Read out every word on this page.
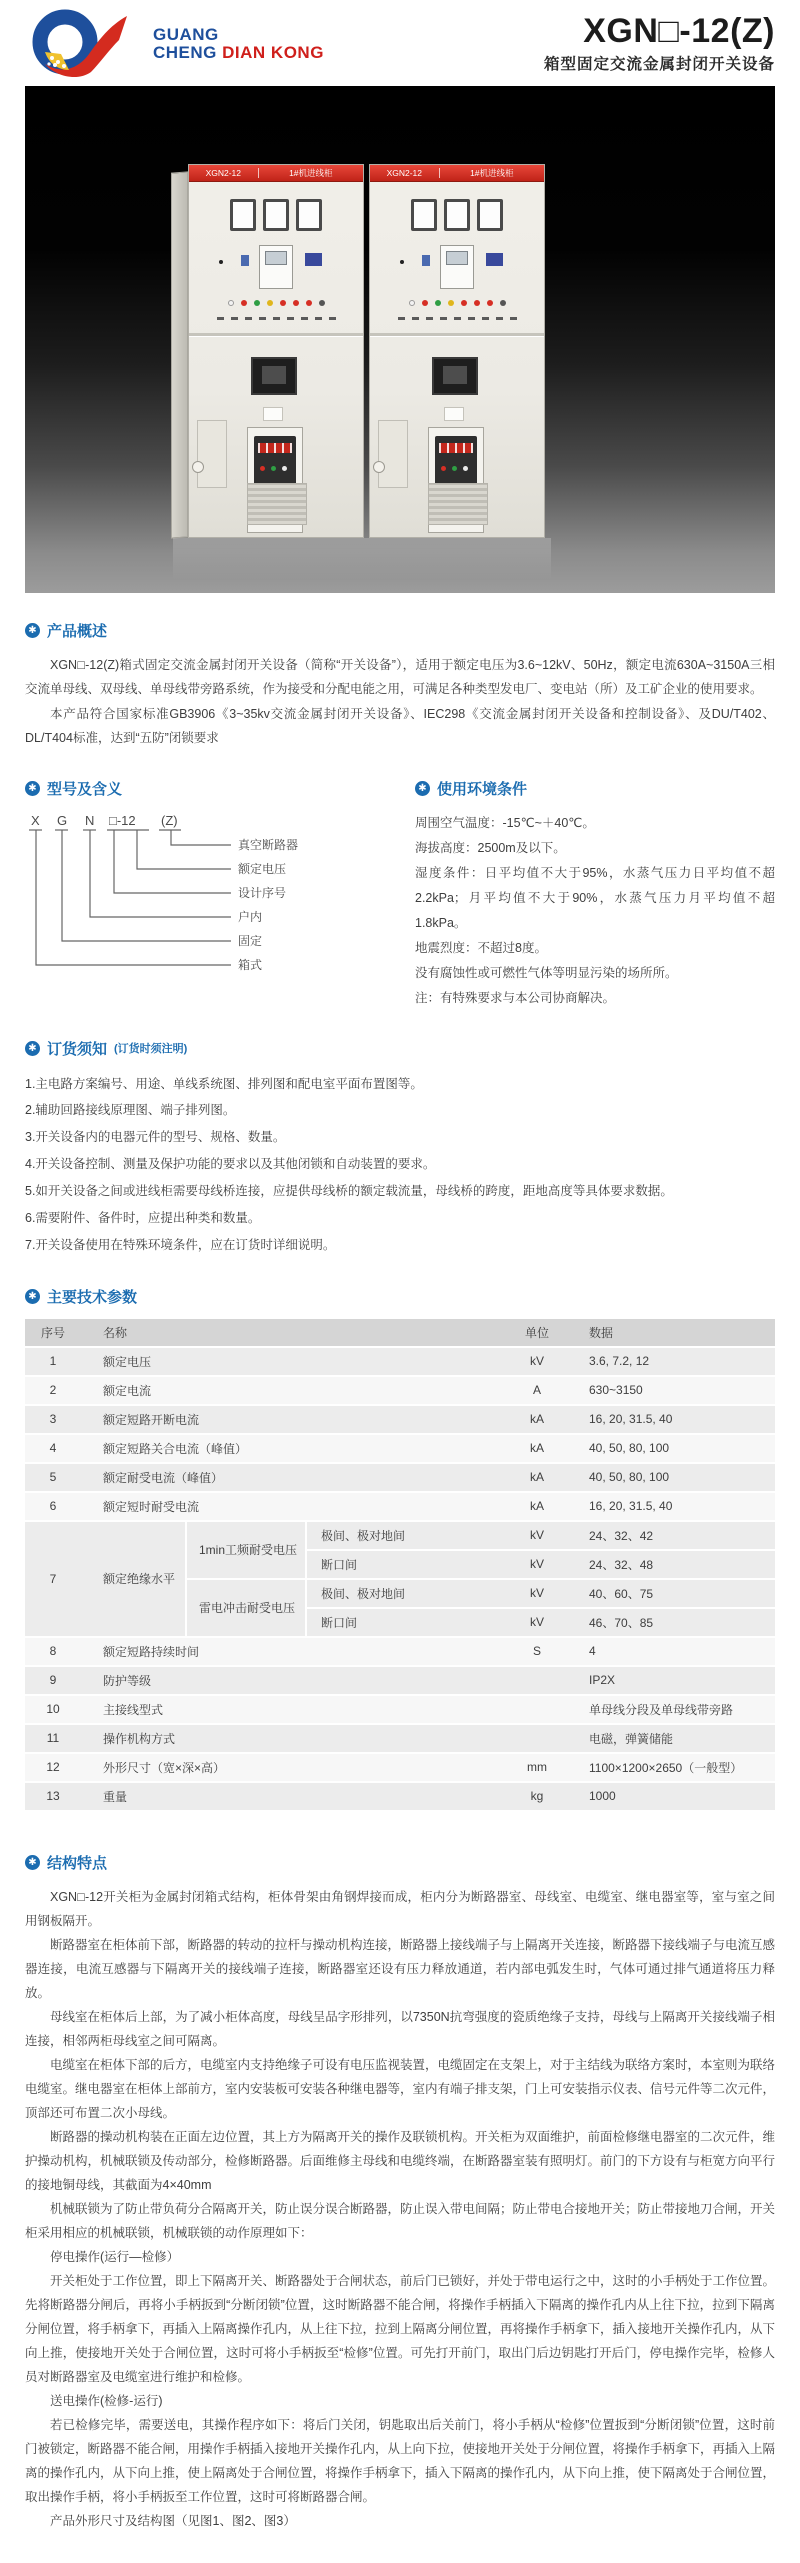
GUANG
CHENG DIAN KONG
XGN□-12(Z)
箱型固定交流金属封闭开关设备
XGN2-12	1#机进线柜	XGN2-12	1#机进线柜
✱ 产品概述

XGN□-12(Z)箱式固定交流金属封闭开关设备（简称“开关设备”），适用于额定电压为3.6~12kV、50Hz，额定电流630A~3150A三相交流单母线、双母线、单母线带旁路系统，作为接受和分配电能之用，可满足各种类型发电厂、变电站（所）及工矿企业的使用要求。

本产品符合国家标准GB3906《3~35kv交流金属封闭开关设备》、IEC298《交流金属封闭开关设备和控制设备》、及DU/T402、DL/T404标准，达到“五防”闭锁要求

✱ 型号及含义
X G N □-12 (Z)
真空断路器
额定电压
设计序号
户内
固定
箱式
✱ 使用环境条件

周围空气温度：-15℃~＋40℃。

海拔高度：2500m及以下。

湿度条件：日平均值不大于95%，水蒸气压力日平均值不超2.2kPa；月平均值不大于90%，水蒸气压力月平均值不超1.8kPa。

地震烈度：不超过8度。

没有腐蚀性或可燃性气体等明显污染的场所所。

注：有特殊要求与本公司协商解决。

✱ 订货须知 (订货时须注明)
1.主电路方案编号、用途、单线系统图、排列图和配电室平面布置图等。
2.辅助回路接线原理图、端子排列图。
3.开关设备内的电器元件的型号、规格、数量。
4.开关设备控制、测量及保护功能的要求以及其他闭锁和自动装置的要求。
5.如开关设备之间或进线柜需要母线桥连接，应提供母线桥的额定载流量，母线桥的跨度，距地高度等具体要求数据。
6.需要附件、备件时，应提出种类和数量。
7.开关设备使用在特殊环境条件，应在订货时详细说明。
✱ 主要技术参数
序号	名称			单位	数据
1	额定电压			kV	3.6, 7.2, 12
2	额定电流			A	630~3150
3	额定短路开断电流			kA	16, 20, 31.5, 40
4	额定短路关合电流（峰值）			kA	40, 50, 80, 100
5	额定耐受电流（峰值）			kA	40, 50, 80, 100
6	额定短时耐受电流			kA	16, 20, 31.5, 40
7	额定绝缘水平	1min工频耐受电压	极间、极对地间	kV	24、32、42
			断口间	kV	24、32、48
		雷电冲击耐受电压	极间、极对地间	kV	40、60、75
			断口间	kV	46、70、85
8	额定短路持续时间			S	4
9	防护等级				IP2X
10	主接线型式				单母线分段及单母线带旁路
11	操作机构方式				电磁，弹簧储能
12	外形尺寸（宽×深×高）			mm	1100×1200×2650（一般型）
13	重量			kg	1000
✱ 结构特点

XGN□-12开关柜为金属封闭箱式结构，柜体骨架由角钢焊接而成，柜内分为断路器室、母线室、电缆室、继电器室等，室与室之间用钢板隔开。

断路器室在柜体前下部，断路器的转动的拉杆与操动机构连接，断路器上接线端子与上隔离开关连接，断路器下接线端子与电流互感器连接，电流互感器与下隔离开关的接线端子连接，断路器室还设有压力释放通道，若内部电弧发生时，气体可通过排气通道将压力释放。

母线室在柜体后上部，为了减小柜体高度，母线呈品字形排列，以7350N抗弯强度的瓷质绝缘子支持，母线与上隔离开关接线端子相连接，相邻两柜母线室之间可隔离。

电缆室在柜体下部的后方，电缆室内支持绝缘子可设有电压监视装置，电缆固定在支架上，对于主结线为联络方案时，本室则为联络电缆室。继电器室在柜体上部前方，室内安装板可安装各种继电器等，室内有端子排支架，门上可安装指示仪表、信号元件等二次元件，顶部还可布置二次小母线。

断路器的操动机构装在正面左边位置，其上方为隔离开关的操作及联锁机构。开关柜为双面维护，前面检修继电器室的二次元件，维护操动机构，机械联锁及传动部分，检修断路器。后面维修主母线和电缆终端，在断路器室装有照明灯。前门的下方设有与柜宽方向平行的接地铜母线，其截面为4×40mm

机械联锁为了防止带负荷分合隔离开关，防止误分误合断路器，防止误入带电间隔；防止带电合接地开关；防止带接地刀合闸，开关柜采用相应的机械联锁，机械联锁的动作原理如下：

停电操作(运行—检修）

开关柜处于工作位置，即上下隔离开关、断路器处于合闸状态，前后门已锁好，并处于带电运行之中，这时的小手柄处于工作位置。先将断路器分闸后，再将小手柄扳到“分断闭锁”位置，这时断路器不能合闸，将操作手柄插入下隔离的操作孔内从上往下拉，拉到下隔离分闸位置，将手柄拿下，再插入上隔离操作孔内，从上往下拉，拉到上隔离分闸位置，再将操作手柄拿下，插入接地开关操作孔内，从下向上推，使接地开关处于合闸位置，这时可将小手柄扳至“检修”位置。可先打开前门，取出门后边钥匙打开后门，停电操作完毕，检修人员对断路器室及电缆室进行维护和检修。

送电操作(检修-运行)

若已检修完毕，需要送电，其操作程序如下：将后门关闭，钥匙取出后关前门，将小手柄从“检修”位置扳到“分断闭锁”位置，这时前门被锁定，断路器不能合闸，用操作手柄插入接地开关操作孔内，从上向下拉，使接地开关处于分闸位置，将操作手柄拿下，再插入上隔离的操作孔内，从下向上推，使上隔离处于合闸位置，将操作手柄拿下，插入下隔离的操作孔内，从下向上推，使下隔离处于合闸位置，取出操作手柄，将小手柄扳至工作位置，这时可将断路器合闸。

产品外形尺寸及结构图（见图1、图2、图3）
